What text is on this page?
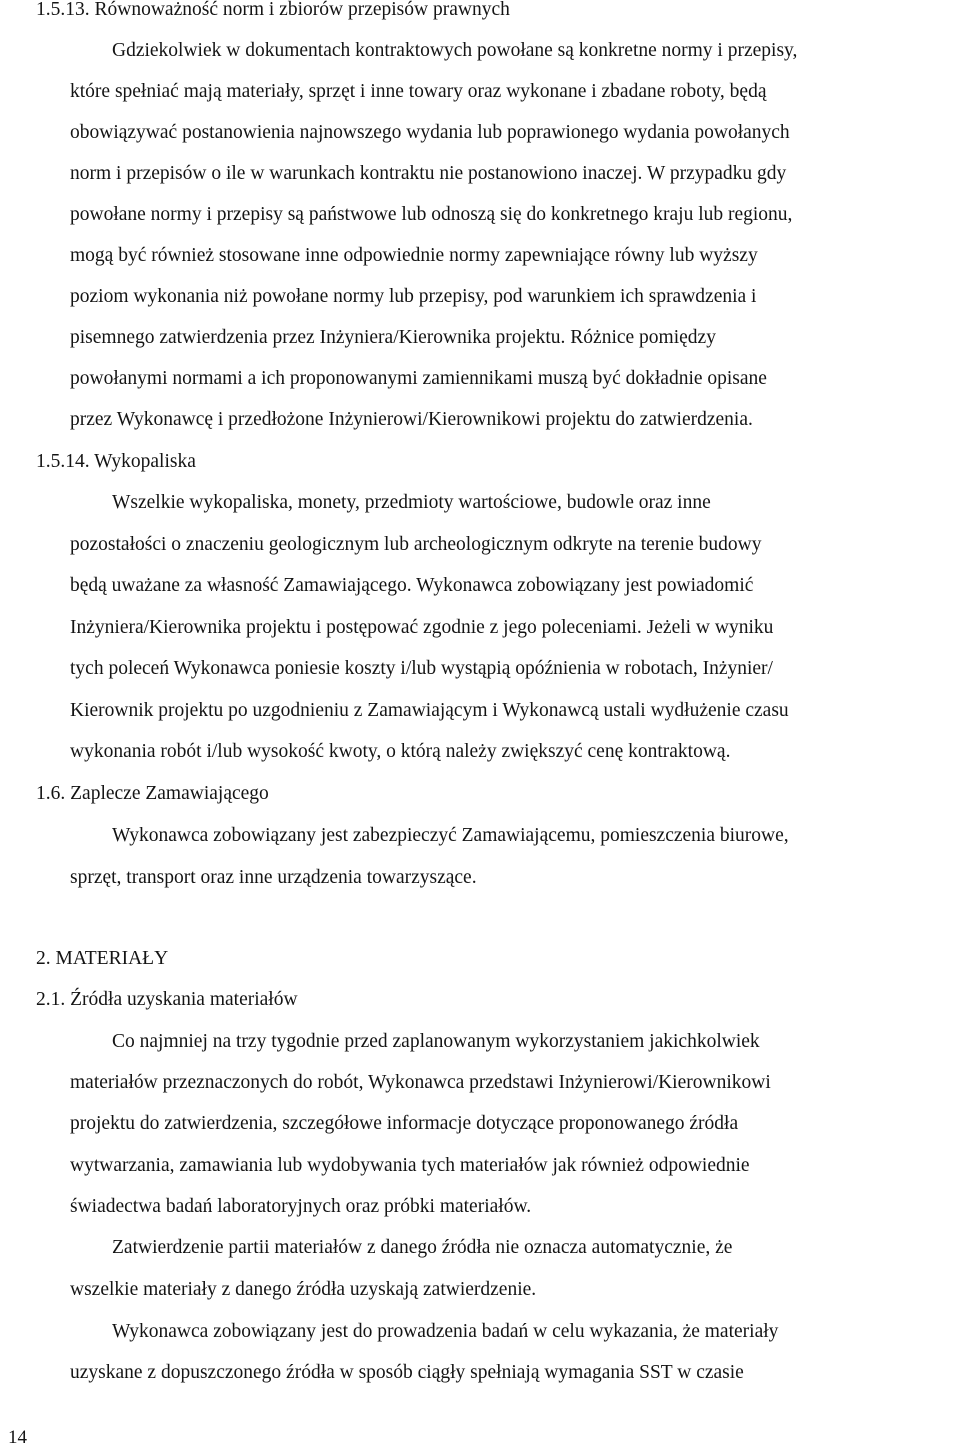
1.5.13. Równoważność norm i zbiorów przepisów prawnych
Gdziekolwiek w dokumentach kontraktowych powołane są konkretne normy i przepisy,
które spełniać mają materiały, sprzęt i inne towary oraz wykonane i zbadane roboty, będą
obowiązywać postanowienia najnowszego wydania lub poprawionego wydania powołanych
norm i przepisów o ile w warunkach kontraktu nie postanowiono inaczej. W przypadku gdy
powołane normy i przepisy są państwowe lub odnoszą się do konkretnego kraju lub regionu,
mogą być również stosowane inne odpowiednie normy zapewniające równy lub wyższy
poziom wykonania niż powołane normy lub przepisy, pod warunkiem ich sprawdzenia i
pisemnego zatwierdzenia przez Inżyniera/Kierownika projektu. Różnice pomiędzy
powołanymi normami a ich proponowanymi zamiennikami muszą być dokładnie opisane
przez Wykonawcę i przedłożone Inżynierowi/Kierownikowi projektu do zatwierdzenia.
1.5.14. Wykopaliska
Wszelkie wykopaliska, monety, przedmioty wartościowe, budowle oraz inne
pozostałości o znaczeniu geologicznym lub archeologicznym odkryte na terenie budowy
będą uważane za własność Zamawiającego. Wykonawca zobowiązany jest powiadomić
Inżyniera/Kierownika projektu i postępować zgodnie z jego poleceniami. Jeżeli w wyniku
tych poleceń Wykonawca poniesie koszty i/lub wystąpią opóźnienia w robotach, Inżynier/
Kierownik projektu po uzgodnieniu z Zamawiającym i Wykonawcą ustali wydłużenie czasu
wykonania robót i/lub wysokość kwoty, o którą należy zwiększyć cenę kontraktową.
1.6. Zaplecze Zamawiającego
Wykonawca zobowiązany jest zabezpieczyć Zamawiającemu, pomieszczenia biurowe,
sprzęt, transport oraz inne urządzenia towarzyszące.
2. MATERIAŁY
2.1. Źródła uzyskania materiałów
Co najmniej na trzy tygodnie przed zaplanowanym wykorzystaniem jakichkolwiek
materiałów przeznaczonych do robót, Wykonawca przedstawi Inżynierowi/Kierownikowi
projektu do zatwierdzenia, szczegółowe informacje dotyczące proponowanego źródła
wytwarzania, zamawiania lub wydobywania tych materiałów jak również odpowiednie
świadectwa badań laboratoryjnych oraz próbki materiałów.
Zatwierdzenie partii materiałów z danego źródła nie oznacza automatycznie, że
wszelkie materiały z danego źródła uzyskają zatwierdzenie.
Wykonawca zobowiązany jest do prowadzenia badań w celu wykazania, że materiały
uzyskane z dopuszczonego źródła w sposób ciągły spełniają wymagania SST w czasie
14
